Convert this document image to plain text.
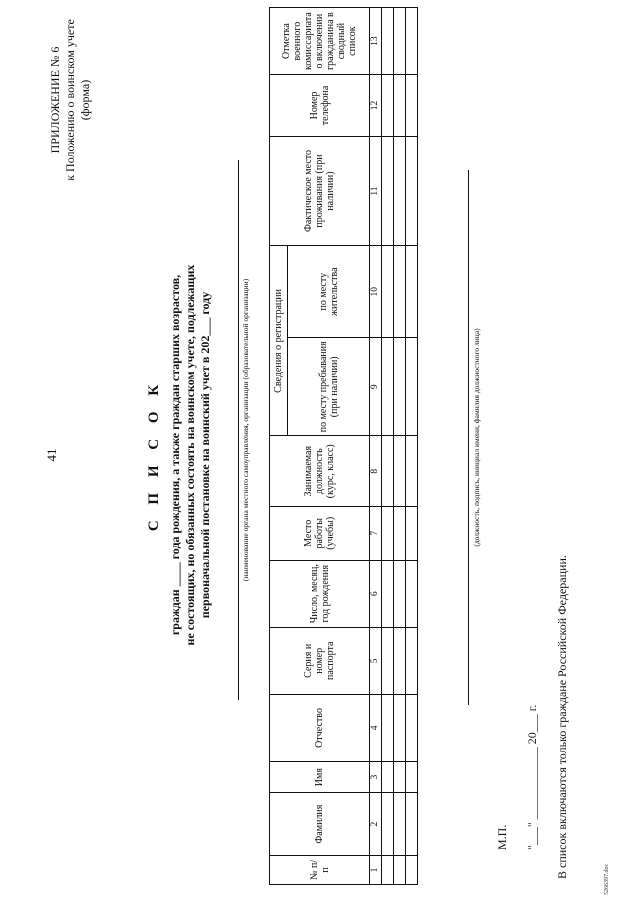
41
ПРИЛОЖЕНИЕ № 6 к Положению о воинском учете (форма)
С П И С О К граждан ____ года рождения, а также граждан старших возрастов, не состоящих, но обязанных состоять на воинском учете, подлежащих первоначальной постановке на воинский учет в 202___ году	(наименование органа местного самоуправления, организации (образовательной организации)
№ п/п	Фамилия	Имя	Отчество	Серия и номер паспорта	Число, месяц, год рождения	Место работы (учебы)	Занимаемая должность (курс, класс)	Сведения о регистрации		Фактическое место проживания (при наличии)	Номер телефона	Отметка военного комиссариата о включении гражданина в сводный список
								по месту пребывания (при наличии)	по месту жительства			
1	2	3	4	5	6	7	8	9	10	11	12	13

(должность, подпись, инициал имени, фамилия должностного лица)
М.П. "___" ____________ 20___ г. В список включаются только граждане Российской Федерации.
5266397.doc
